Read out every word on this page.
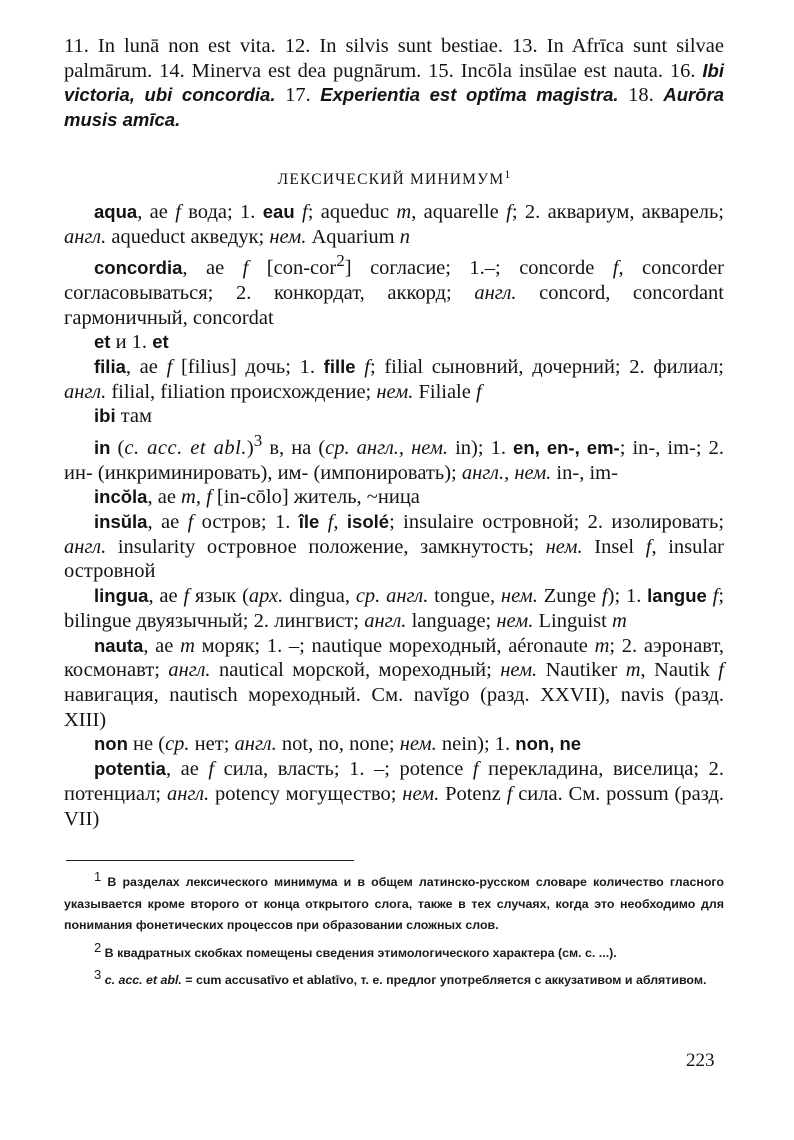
11. In lunā non est vita. 12. In silvis sunt bestiae. 13. In Afrīca sunt silvae palmārum. 14. Minerva est dea pugnārum. 15. Incōla insūlae est nauta. 16. Ibi victoria, ubi concordia. 17. Experientia est optĭma magistra. 18. Aurōra musis amīca.

ЛЕКСИЧЕСКИЙ МИНИМУМ$^1$

aqua, ae f вода; 1. eau f; aqueduc m, aquarelle f; 2. аквариум, акварель; англ. aqueduct акведук; нем. Aquarium n

concordia, ae f [con-cor$^2$] согласие; 1.–; concorde f, concorder согласовываться; 2. конкордат, аккорд; англ. concord, concordant гармоничный, concordat

et и 1. et

filia, ae f [filius] дочь; 1. fille f; filial сыновний, дочерний; 2. филиал; англ. filial, filiation происхождение; нем. Filiale f

ibi там

in (c. acc. et abl.)$^3$ в, на (ср. англ., нем. in); 1. en, en-, em-; in-, im-; 2. ин- (инкриминировать), им- (импонировать); англ., нем. in-, im-

incŏla, ae m, f [in-cōlo] житель, ~ница

insŭla, ae f остров; 1. île f, isolé; insulaire островной; 2. изолировать; англ. insularity островное положение, замкнутость; нем. Insel f, insular островной

lingua, ae f язык (арх. dingua, ср. англ. tongue, нем. Zunge f); 1. langue f; bilingue двуязычный; 2. лингвист; англ. language; нем. Linguist m

nauta, ae m моряк; 1. –; nautique мореходный, aéronaute m; 2. аэронавт, космонавт; англ. nautical морской, мореходный; нем. Nautiker m, Nautik f навигация, nautisch мореходный. См. navĭgo (разд. XXVII), navis (разд. XIII)

non не (ср. нет; англ. not, no, none; нем. nein); 1. non, ne

potentia, ae f сила, власть; 1. –; potence f перекладина, виселица; 2. потенциал; англ. potency могущество; нем. Potenz f сила. См. possum (разд. VII)

$^1$ В разделах лексического минимума и в общем латинско-русском словаре количество гласного указывается кроме второго от конца открытого слога, также в тех случаях, когда это необходимо для понимания фонетических процессов при образовании сложных слов.

$^2$ В квадратных скобках помещены сведения этимологического характера (см. с. ...).

$^3$ c. acc. et abl. = cum accusatīvo et ablatīvo, т. е. предлог употребляется с аккузативом и аблятивом.

223
